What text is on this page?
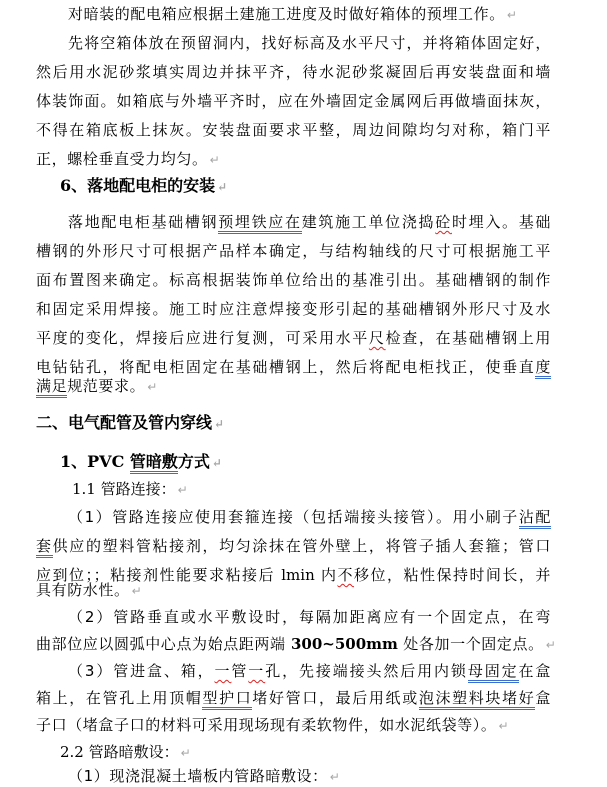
对暗装的配电箱应根据土建施工进度及时做好箱体的预埋工作。 ↵
先将空箱体放在预留洞内，找好标高及水平尺寸，并将箱体固定好，
然后用水泥砂浆填实周边并抹平齐，待水泥砂浆凝固后再安装盘面和墙
体装饰面。如箱底与外墙平齐时，应在外墙固定金属网后再做墙面抹灰，
不得在箱底板上抹灰。安装盘面要求平整，周边间隙均匀对称，箱门平
正，螺栓垂直受力均匀。 ↵
6、落地配电柜的安装 ↵
落地配电柜基础槽钢预埋铁应在建筑施工单位浇捣砼时埋入。基础
槽钢的外形尺寸可根据产品样本确定，与结构轴线的尺寸可根据施工平
面布置图来确定。标高根据装饰单位给出的基准引出。基础槽钢的制作
和固定采用焊接。施工时应注意焊接变形引起的基础槽钢外形尺寸及水
平度的变化，焊接后应进行复测，可采用水平尺检查，在基础槽钢上用
电钻钻孔，将配电柜固定在基础槽钢上，然后将配电柜找正，使垂直度
满足规范要求。 ↵
二、电气配管及管内穿线 ↵
1、PVC 管暗敷方式 ↵
1.1 管路连接： ↵
（1）管路连接应使用套箍连接（包括端接头接管）。用小刷子沾配
套供应的塑料管粘接剂，均匀涂抹在管外壁上，将管子插人套箍；管口
应到位；；粘接剂性能要求粘接后 lmin 内不移位，粘性保持时间长，并
具有防水性。 ↵
（2）管路垂直或水平敷设时，每隔加距离应有一个固定点，在弯
曲部位应以圆弧中心点为始点距两端 300~500mm 处各加一个固定点。 ↵
（3）管进盒、箱，一管一孔，先接端接头然后用内锁母固定在盒
箱上，在管孔上用顶帽型护口堵好管口，最后用纸或泡沫塑料块堵好盒
子口（堵盒子口的材料可采用现场现有柔软物件，如水泥纸袋等）。 ↵
2.2 管路暗敷设： ↵
（1）现浇混凝土墙板内管路暗敷设： ↵
